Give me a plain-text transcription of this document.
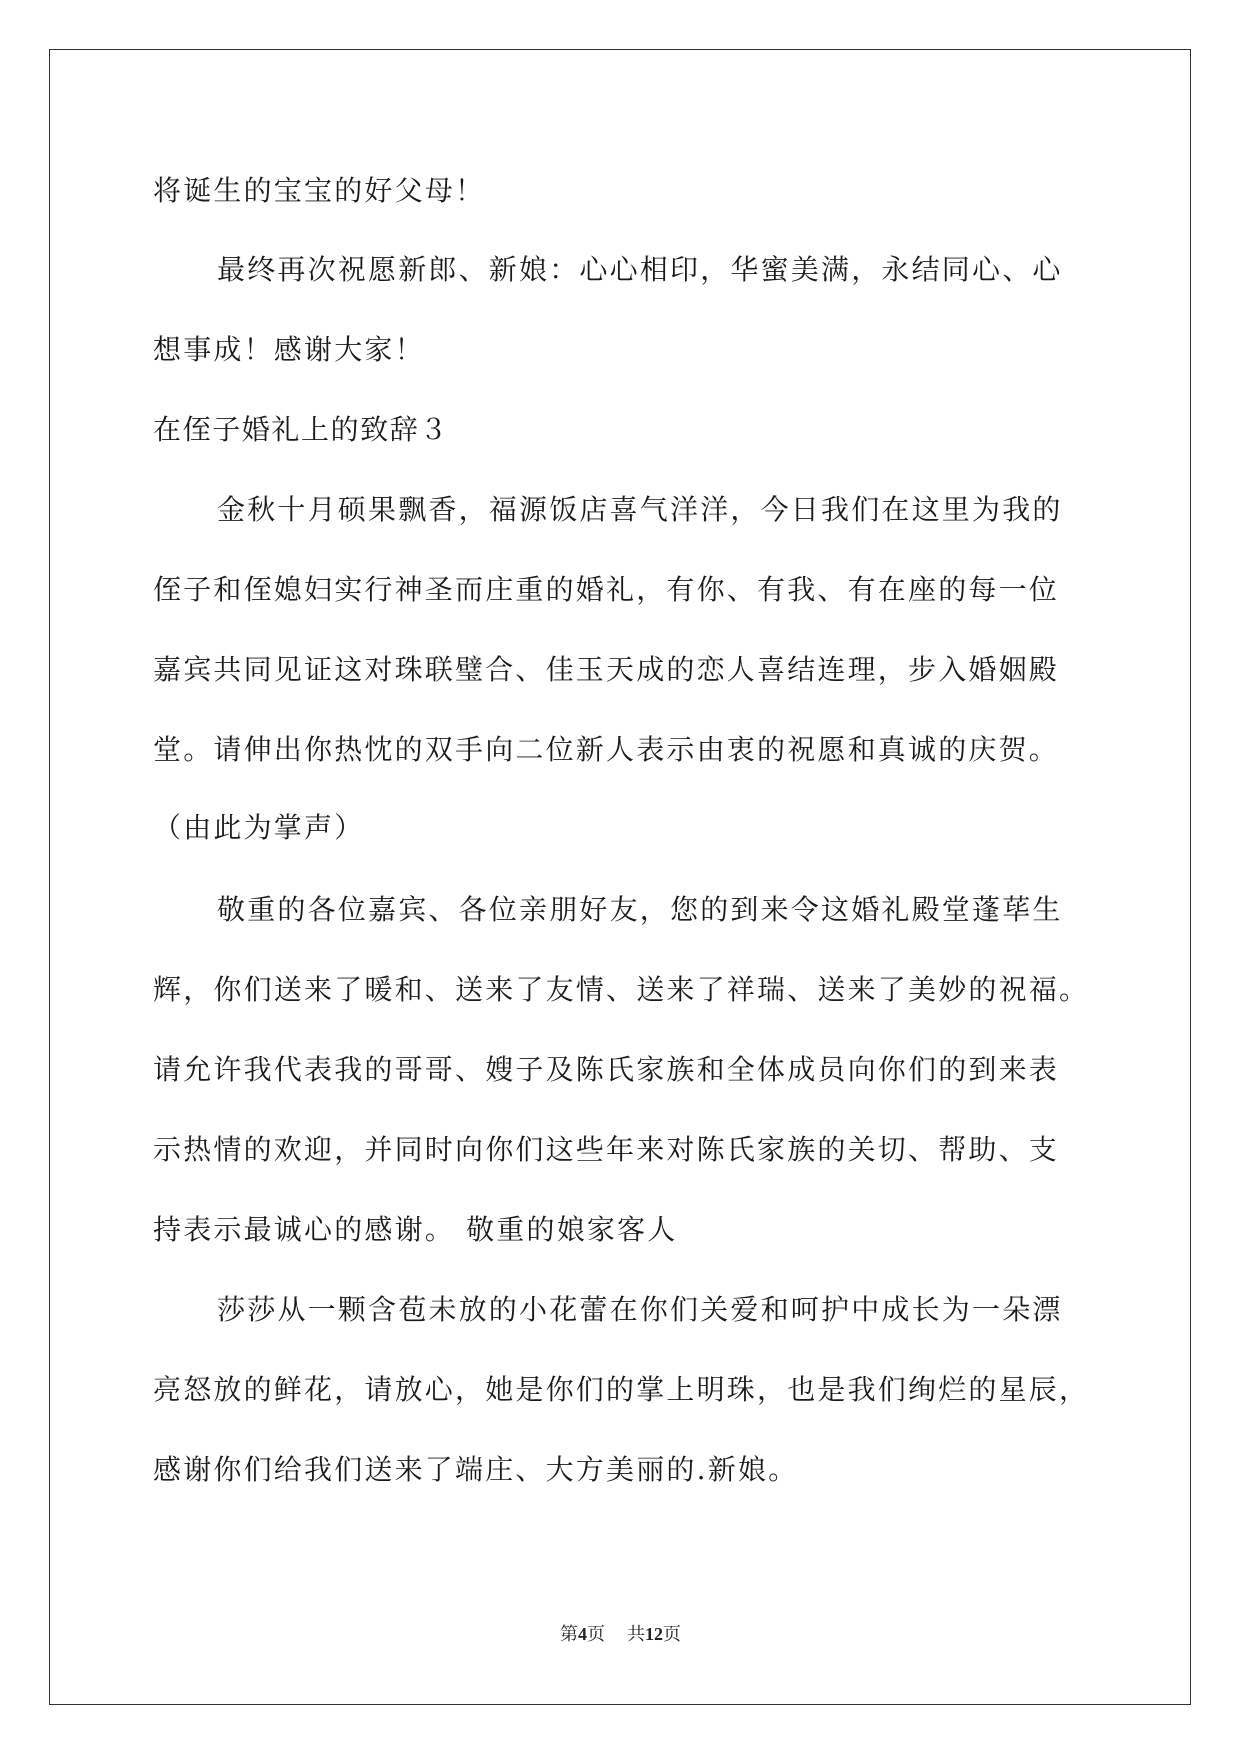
将诞生的宝宝的好父母！
最终再次祝愿新郎、新娘：心心相印，华蜜美满，永结同心、心
想事成！感谢大家！
在侄子婚礼上的致辞３
金秋十月硕果飘香，福源饭店喜气洋洋，今日我们在这里为我的
侄子和侄媳妇实行神圣而庄重的婚礼，有你、有我、有在座的每一位
嘉宾共同见证这对珠联璧合、佳玉天成的恋人喜结连理，步入婚姻殿
堂。请伸出你热忱的双手向二位新人表示由衷的祝愿和真诚的庆贺。
（由此为掌声）
敬重的各位嘉宾、各位亲朋好友，您的到来令这婚礼殿堂蓬荜生
辉，你们送来了暖和、送来了友情、送来了祥瑞、送来了美妙的祝福。
请允许我代表我的哥哥、嫂子及陈氏家族和全体成员向你们的到来表
示热情的欢迎，并同时向你们这些年来对陈氏家族的关切、帮助、支
持表示最诚心的感谢。 敬重的娘家客人
莎莎从一颗含苞未放的小花蕾在你们关爱和呵护中成长为一朵漂
亮怒放的鲜花，请放心，她是你们的掌上明珠，也是我们绚烂的星辰，
感谢你们给我们送来了端庄、大方美丽的.新娘。
第4页 共12页
